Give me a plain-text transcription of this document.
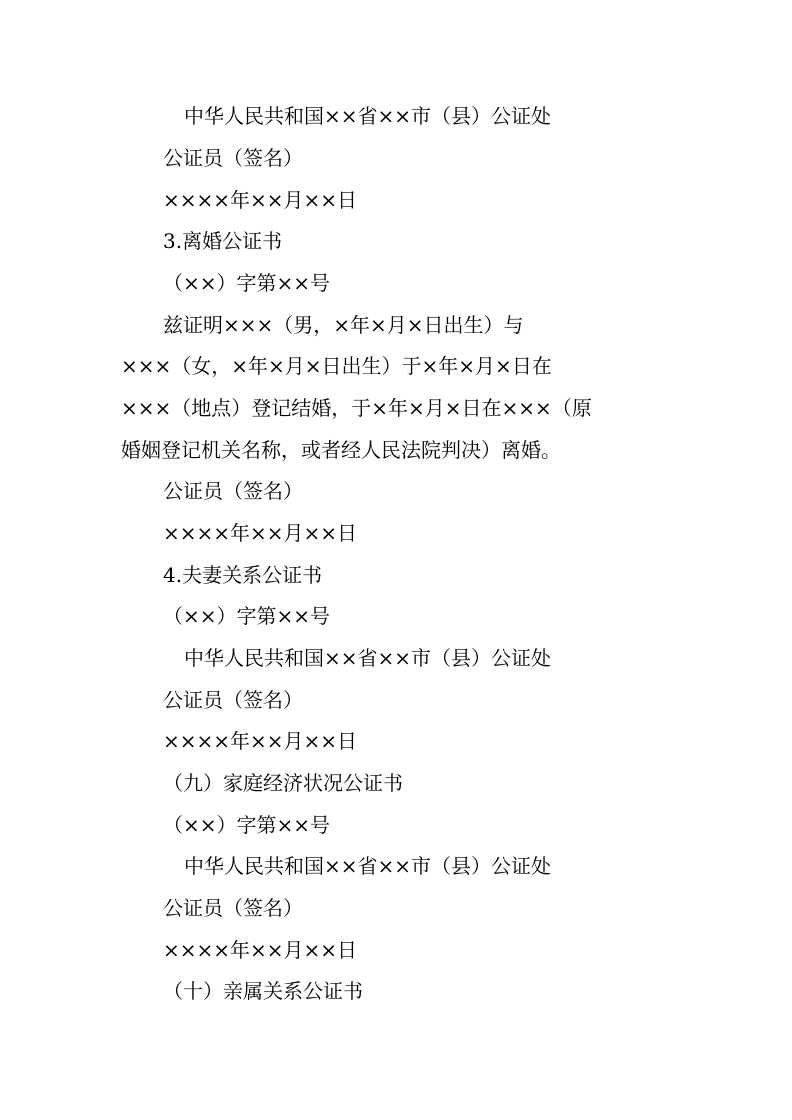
中华人民共和国××省××市（县）公证处
公证员（签名）
××××年××月××日
3.离婚公证书
（××）字第××号
兹证明×××（男，×年×月×日出生）与
×××（女，×年×月×日出生）于×年×月×日在
×××（地点）登记结婚，于×年×月×日在×××（原
婚姻登记机关名称，或者经人民法院判决）离婚。
公证员（签名）
××××年××月××日
4.夫妻关系公证书
（××）字第××号
中华人民共和国××省××市（县）公证处
公证员（签名）
××××年××月××日
（九）家庭经济状况公证书
（××）字第××号
中华人民共和国××省××市（县）公证处
公证员（签名）
××××年××月××日
（十）亲属关系公证书
